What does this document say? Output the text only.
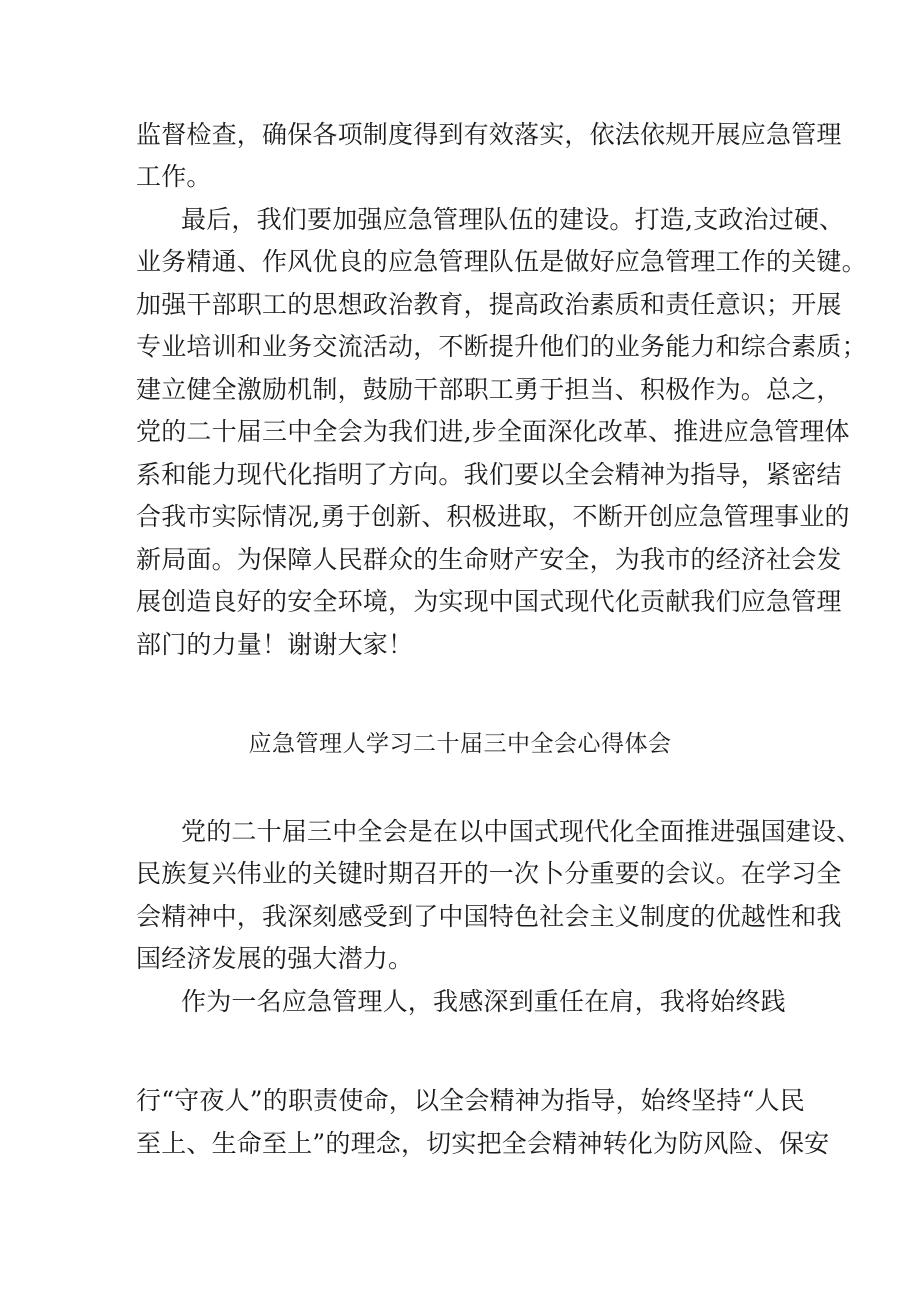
监督检查，确保各项制度得到有效落实，依法依规开展应急管理
工作。
最后，我们要加强应急管理队伍的建设。打造,支政治过硬、
业务精通、作风优良的应急管理队伍是做好应急管理工作的关键。
加强干部职工的思想政治教育，提高政治素质和责任意识；开展
专业培训和业务交流活动，不断提升他们的业务能力和综合素质；
建立健全激励机制，鼓励干部职工勇于担当、积极作为。总之，
党的二十届三中全会为我们进,步全面深化改革、推进应急管理体
系和能力现代化指明了方向。我们要以全会精神为指导，紧密结
合我市实际情况,勇于创新、积极进取，不断开创应急管理事业的
新局面。为保障人民群众的生命财产安全，为我市的经济社会发
展创造良好的安全环境，为实现中国式现代化贡献我们应急管理
部门的力量！谢谢大家！
应急管理人学习二十届三中全会心得体会
党的二十届三中全会是在以中国式现代化全面推进强国建设、
民族复兴伟业的关键时期召开的一次卜分重要的会议。在学习全
会精神中，我深刻感受到了中国特色社会主义制度的优越性和我
国经济发展的强大潜力。
作为一名应急管理人，我感深到重任在肩，我将始终践
行“守夜人”的职责使命，以全会精神为指导，始终坚持“人民
至上、生命至上”的理念，切实把全会精神转化为防风险、保安
